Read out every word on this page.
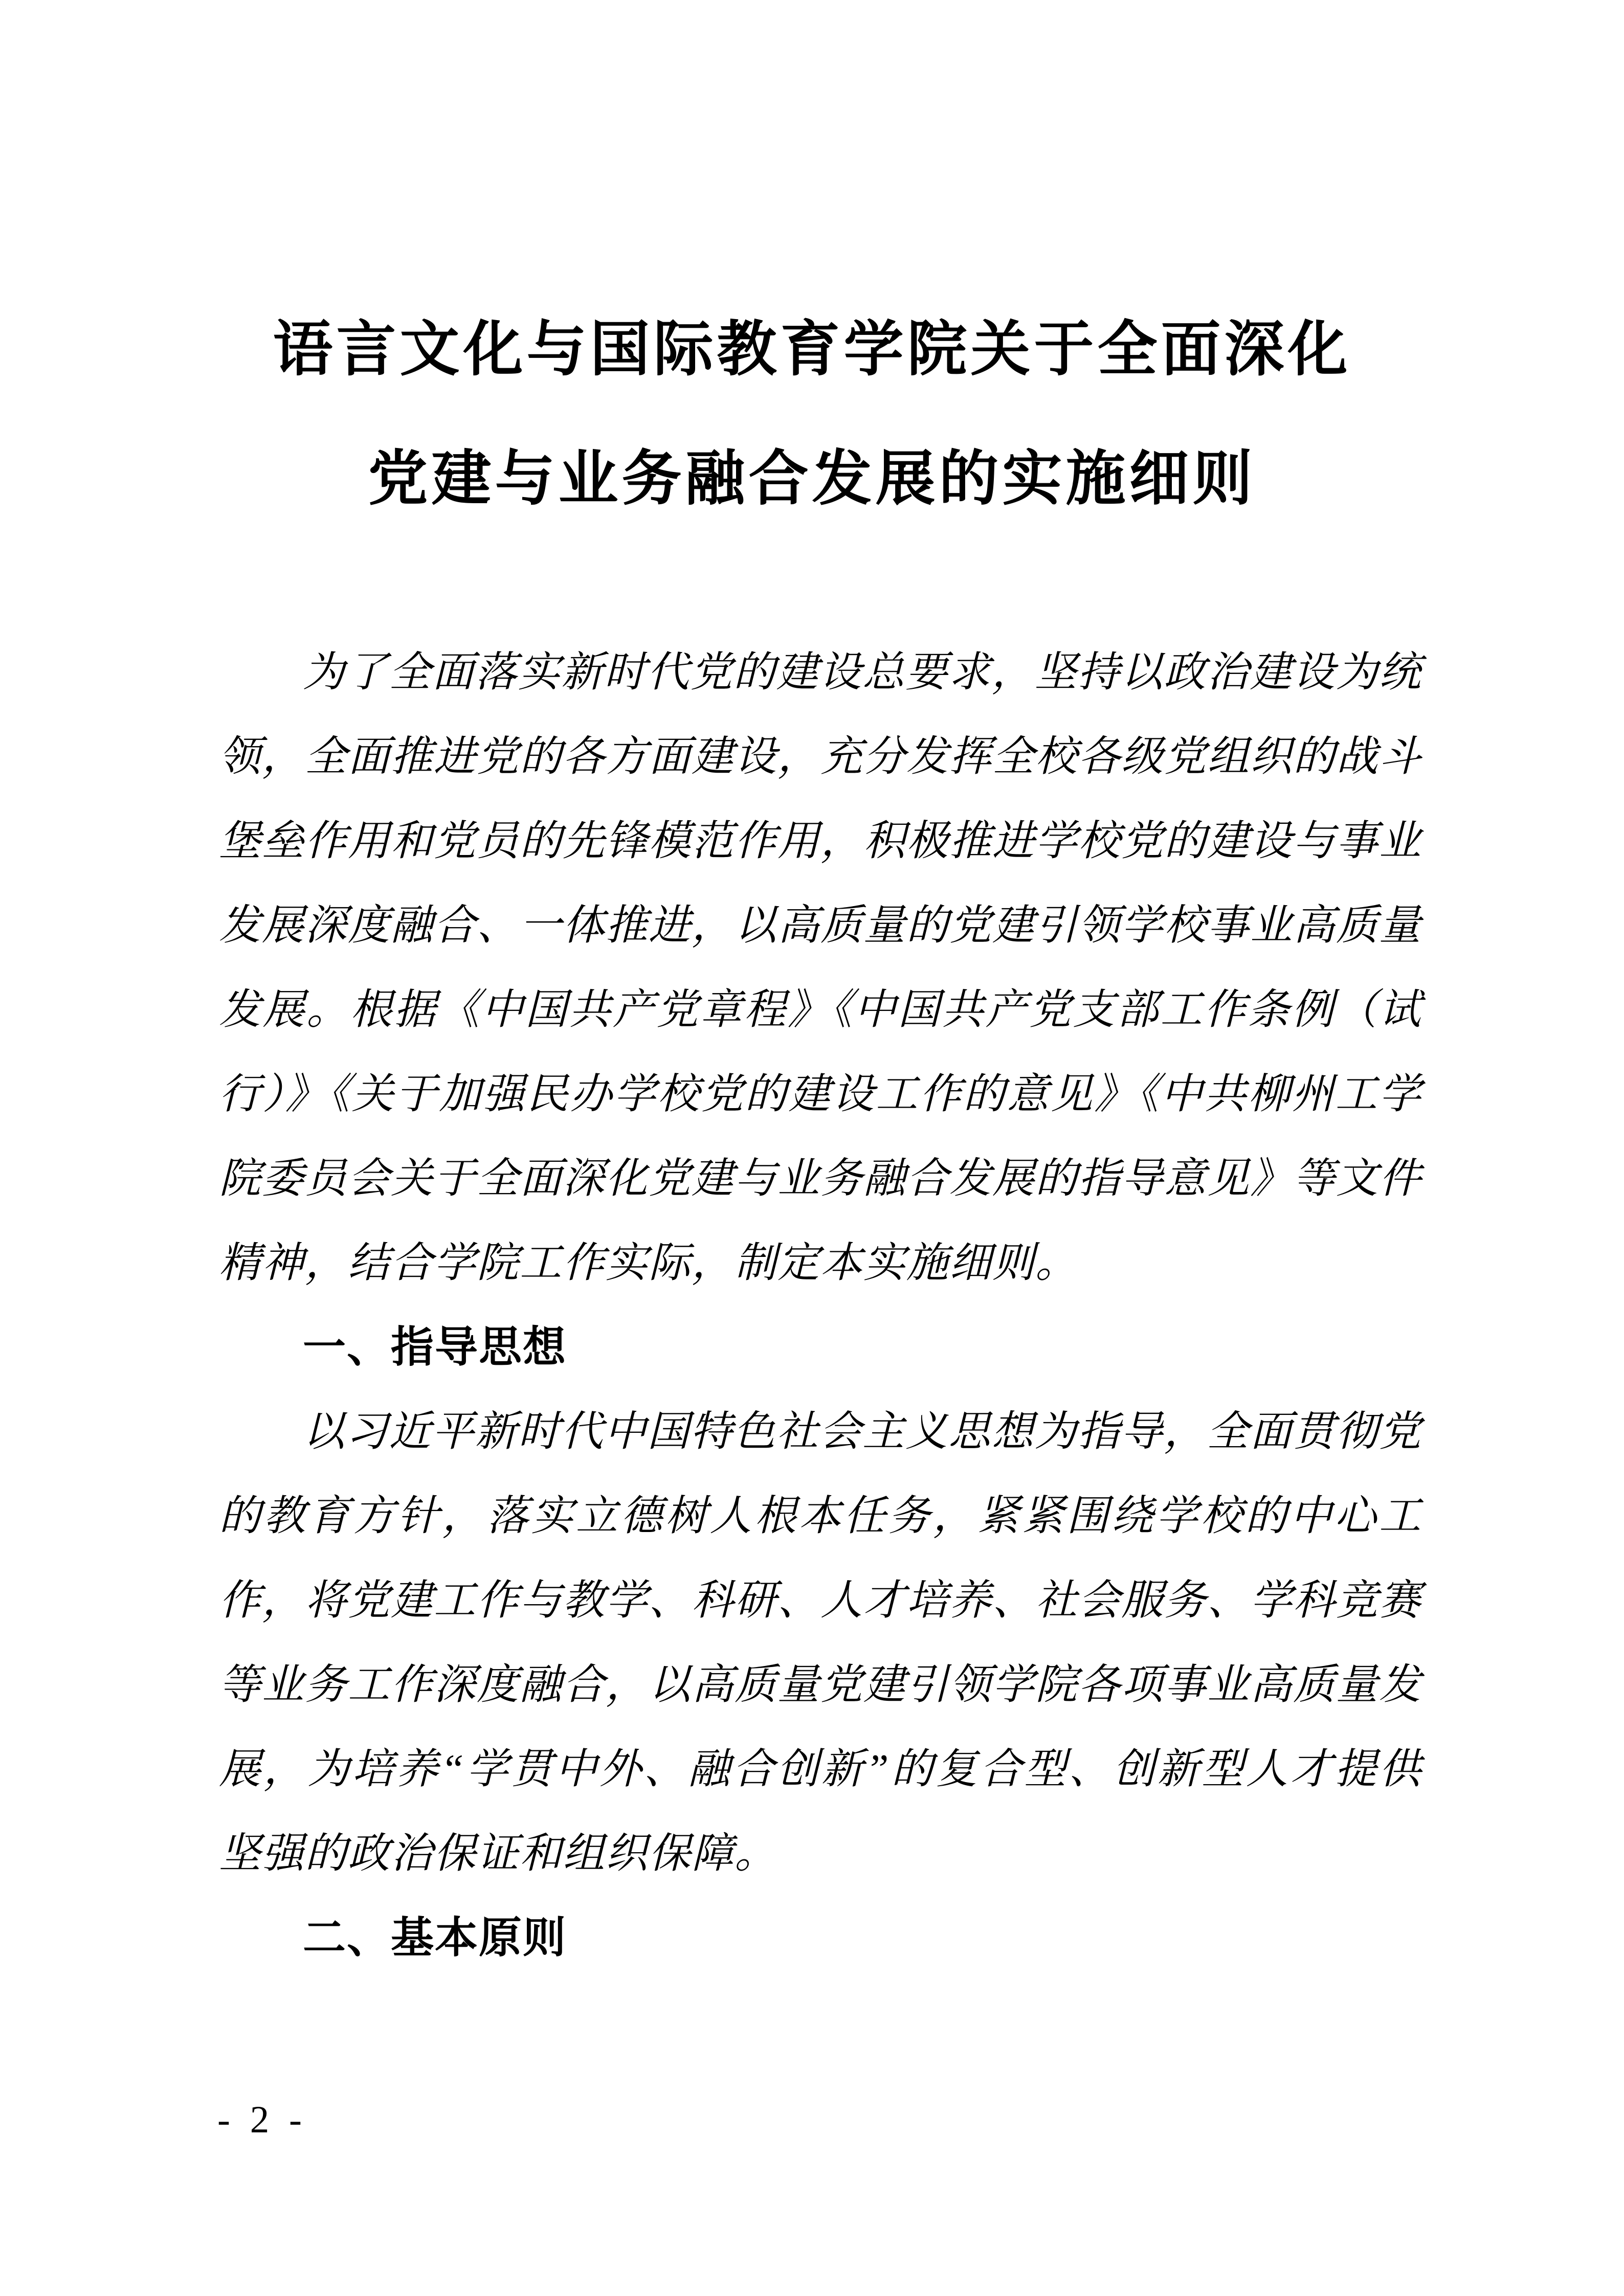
语言文化与国际教育学院关于全面深化
党建与业务融合发展的实施细则

为了全面落实新时代党的建设总要求，坚持以政治建设为统领，全面推进党的各方面建设，充分发挥全校各级党组织的战斗堡垒作用和党员的先锋模范作用，积极推进学校党的建设与事业发展深度融合、一体推进，以高质量的党建引领学校事业高质量发展。根据《中国共产党章程》《中国共产党支部工作条例（试行）》《关于加强民办学校党的建设工作的意见》《中共柳州工学院委员会关于全面深化党建与业务融合发展的指导意见》等文件精神，结合学院工作实际，制定本实施细则。

一、指导思想

以习近平新时代中国特色社会主义思想为指导，全面贯彻党的教育方针，落实立德树人根本任务，紧紧围绕学校的中心工作，将党建工作与教学、科研、人才培养、社会服务、学科竞赛等业务工作深度融合，以高质量党建引领学院各项事业高质量发展，为培养“学贯中外、融合创新”的复合型、创新型人才提供坚强的政治保证和组织保障。

二、基本原则

- 2 -
